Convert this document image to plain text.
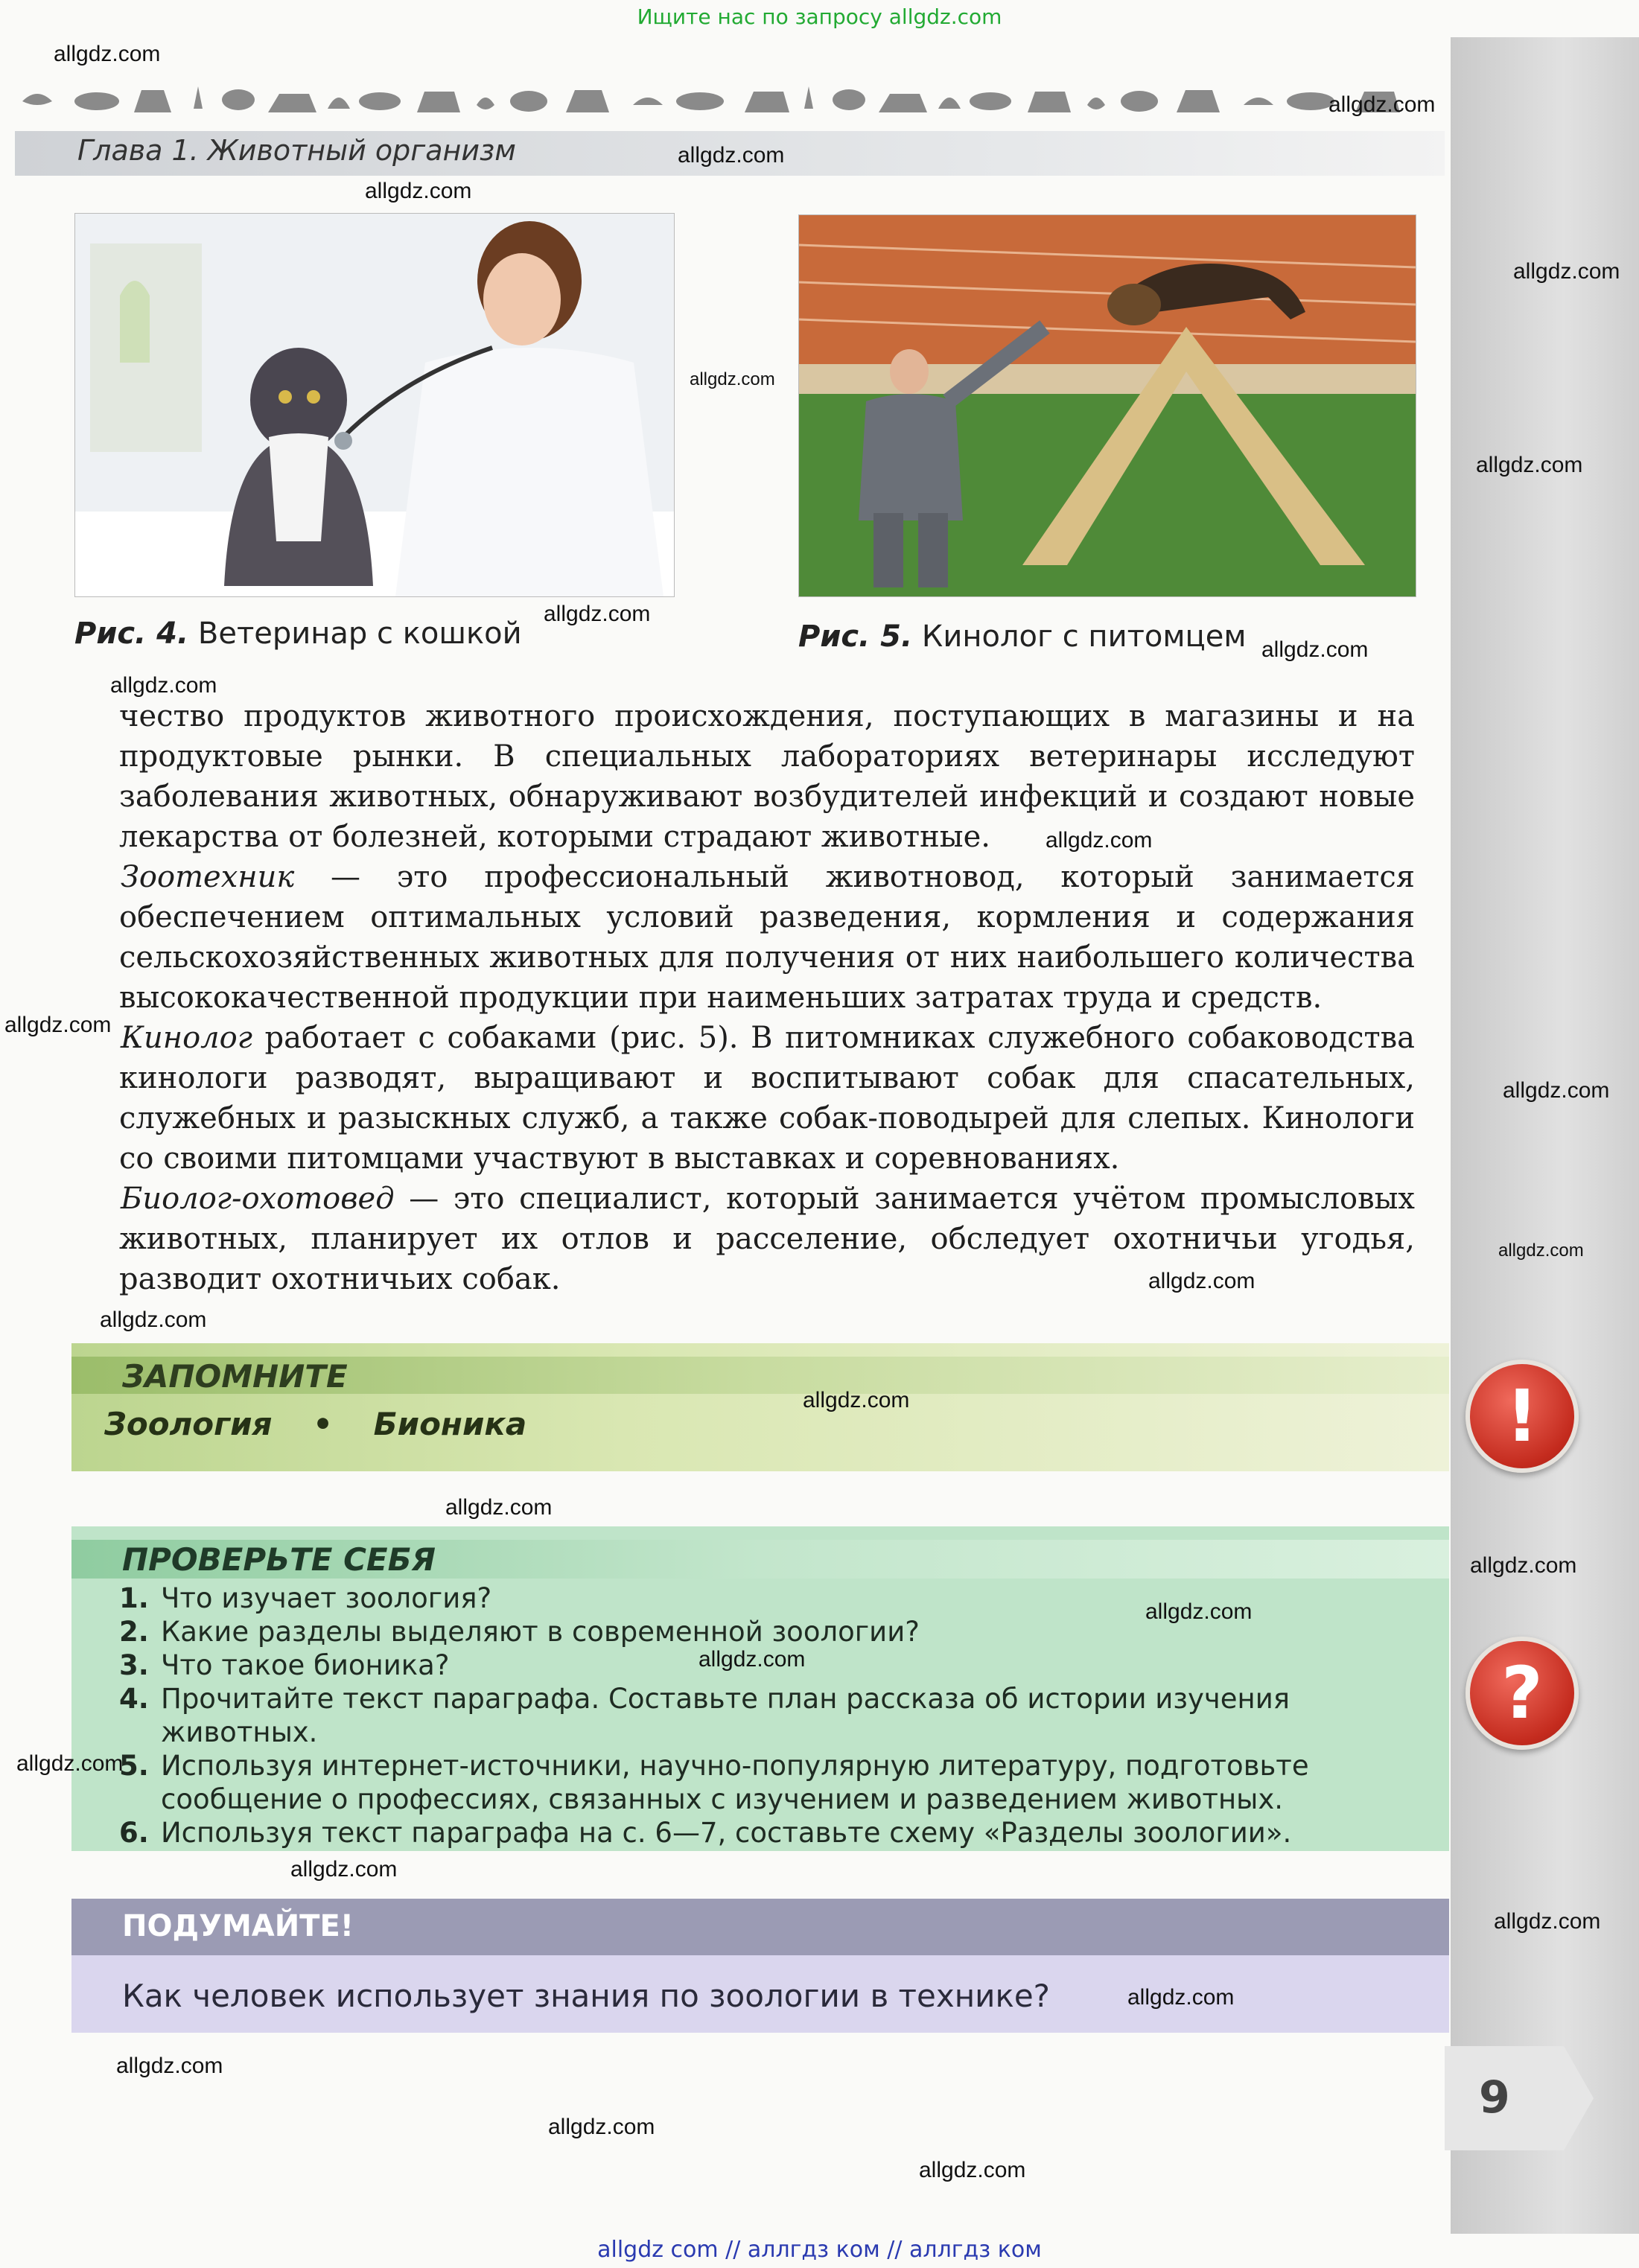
Ищите нас по запросу allgdz.com
Глава 1. Животный организм
Рис. 4. Ветеринар с кошкой	Рис. 5. Кинолог с питомцем

чество продуктов животного происхождения, поступающих в магазины и на продуктовые рынки. В специальных лабораториях ветеринары исследуют заболевания животных, обнаруживают возбудителей инфекций и создают новые лекарства от болезней, которыми страдают животные.

Зоотехник — это профессиональный животновод, который занимается обеспечением оптимальных условий разведения, кормления и содержания сельскохозяйственных животных для получения от них наибольшего количества высококачественной продукции при наименьших затратах труда и средств.

Кинолог работает с собаками (рис. 5). В питомниках служебного собаководства кинологи разводят, выращивают и воспитывают собак для спасательных, служебных и разыскных служб, а также собак-поводырей для слепых. Кинологи со своими питомцами участвуют в выставках и соревнованиях.

Биолог-охотовед — это специалист, который занимается учётом промысловых животных, планирует их отлов и расселение, обследует охотничьи угодья, разводит охотничьих собак.

ЗАПОМНИТЕ
Зоология • Бионика	!
ПРОВЕРЬТЕ СЕБЯ
1. Что изучает зоология?
2. Какие разделы выделяют в современной зоологии?
3. Что такое бионика?
4. Прочитайте текст параграфа. Составьте план рассказа об истории изучения животных.
5. Используя интернет-источники, научно-популярную литературу, подготовьте сообщение о профессиях, связанных с изучением и разведением животных.
6. Используя текст параграфа на с. 6—7, составьте схему «Разделы зоологии».
?
ПОДУМАЙТЕ!
Как человек использует знания по зоологии в технике?
9
allgdz.com
allgdz.com
allgdz.com
allgdz.com
allgdz.com
allgdz.com
allgdz.com
allgdz.com
allgdz.com
allgdz.com
allgdz.com
allgdz.com
allgdz.com
allgdz.com
allgdz.com
allgdz.com
allgdz.com
allgdz.com
allgdz.com
allgdz.com
allgdz.com
allgdz.com
allgdz.com
allgdz.com
allgdz.com
allgdz.com
allgdz.com
allgdz.com
allgdz com // аллгдз ком // аллгдз ком
